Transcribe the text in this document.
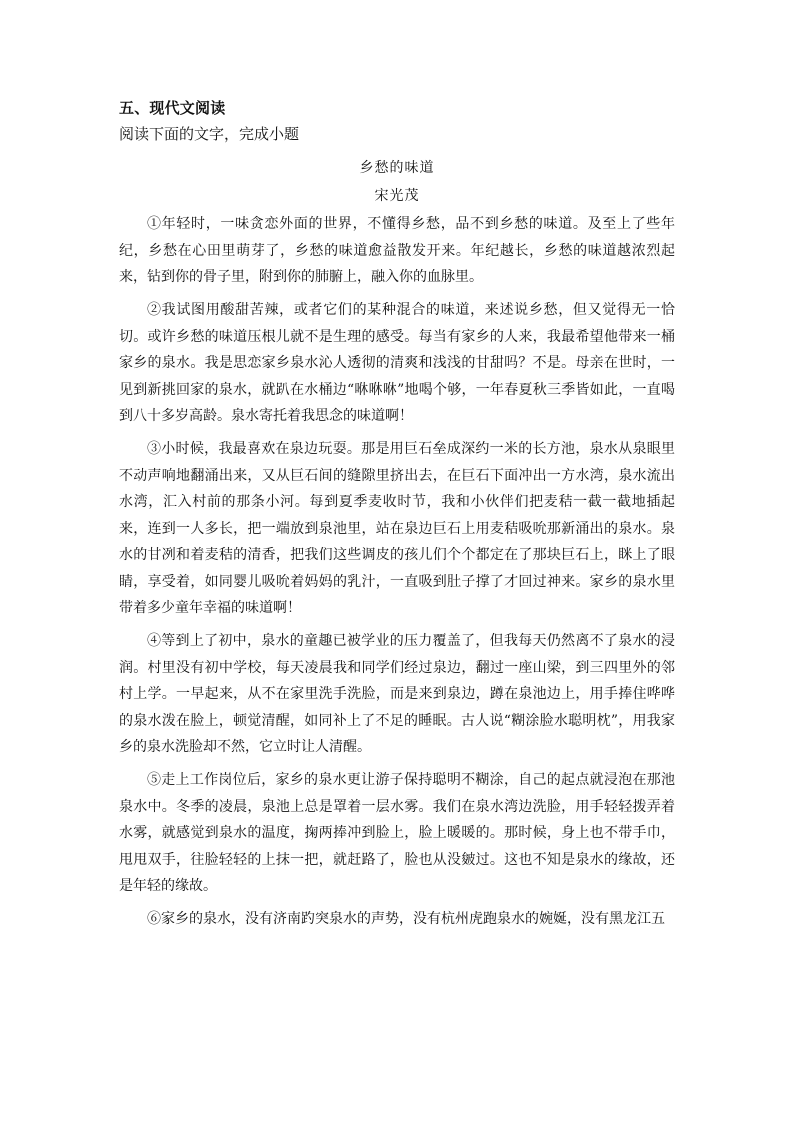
五、现代文阅读
阅读下面的文字，完成小题
乡愁的味道
宋光茂

①年轻时，一味贪恋外面的世界，不懂得乡愁，品不到乡愁的味道。及至上了些年纪，乡愁在心田里萌芽了，乡愁的味道愈益散发开来。年纪越长，乡愁的味道越浓烈起来，钻到你的骨子里，附到你的肺腑上，融入你的血脉里。

②我试图用酸甜苦辣，或者它们的某种混合的味道，来述说乡愁，但又觉得无一恰切。或许乡愁的味道压根儿就不是生理的感受。每当有家乡的人来，我最希望他带来一桶家乡的泉水。我是思恋家乡泉水沁人透彻的清爽和浅浅的甘甜吗？不是。母亲在世时，一见到新挑回家的泉水，就趴在水桶边“咻咻咻”地喝个够，一年春夏秋三季皆如此，一直喝到八十多岁高龄。泉水寄托着我思念的味道啊！

③小时候，我最喜欢在泉边玩耍。那是用巨石垒成深约一米的长方池，泉水从泉眼里不动声响地翻涌出来，又从巨石间的缝隙里挤出去，在巨石下面冲出一方水湾，泉水流出水湾，汇入村前的那条小河。每到夏季麦收时节，我和小伙伴们把麦秸一截一截地插起来，连到一人多长，把一端放到泉池里，站在泉边巨石上用麦秸吸吮那新涌出的泉水。泉水的甘冽和着麦秸的清香，把我们这些调皮的孩儿们个个都定在了那块巨石上，眯上了眼睛，享受着，如同婴儿吸吮着妈妈的乳汁，一直吸到肚子撑了才回过神来。家乡的泉水里带着多少童年幸福的味道啊！

④等到上了初中，泉水的童趣已被学业的压力覆盖了，但我每天仍然离不了泉水的浸润。村里没有初中学校，每天凌晨我和同学们经过泉边，翻过一座山梁，到三四里外的邻村上学。一早起来，从不在家里洗手洗脸，而是来到泉边，蹲在泉池边上，用手捧住哗哗的泉水泼在脸上，顿觉清醒，如同补上了不足的睡眠。古人说“糊涂脸水聪明枕”，用我家乡的泉水洗脸却不然，它立时让人清醒。

⑤走上工作岗位后，家乡的泉水更让游子保持聪明不糊涂，自己的起点就浸泡在那池泉水中。冬季的凌晨，泉池上总是罩着一层水雾。我们在泉水湾边洗脸，用手轻轻拨弄着水雾，就感觉到泉水的温度，掬两捧冲到脸上，脸上暖暖的。那时候，身上也不带手巾，甩甩双手，往脸轻轻的上抹一把，就赶路了，脸也从没皴过。这也不知是泉水的缘故，还是年轻的缘故。

⑥家乡的泉水，没有济南趵突泉水的声势，没有杭州虎跑泉水的婉娫，没有黑龙江五
